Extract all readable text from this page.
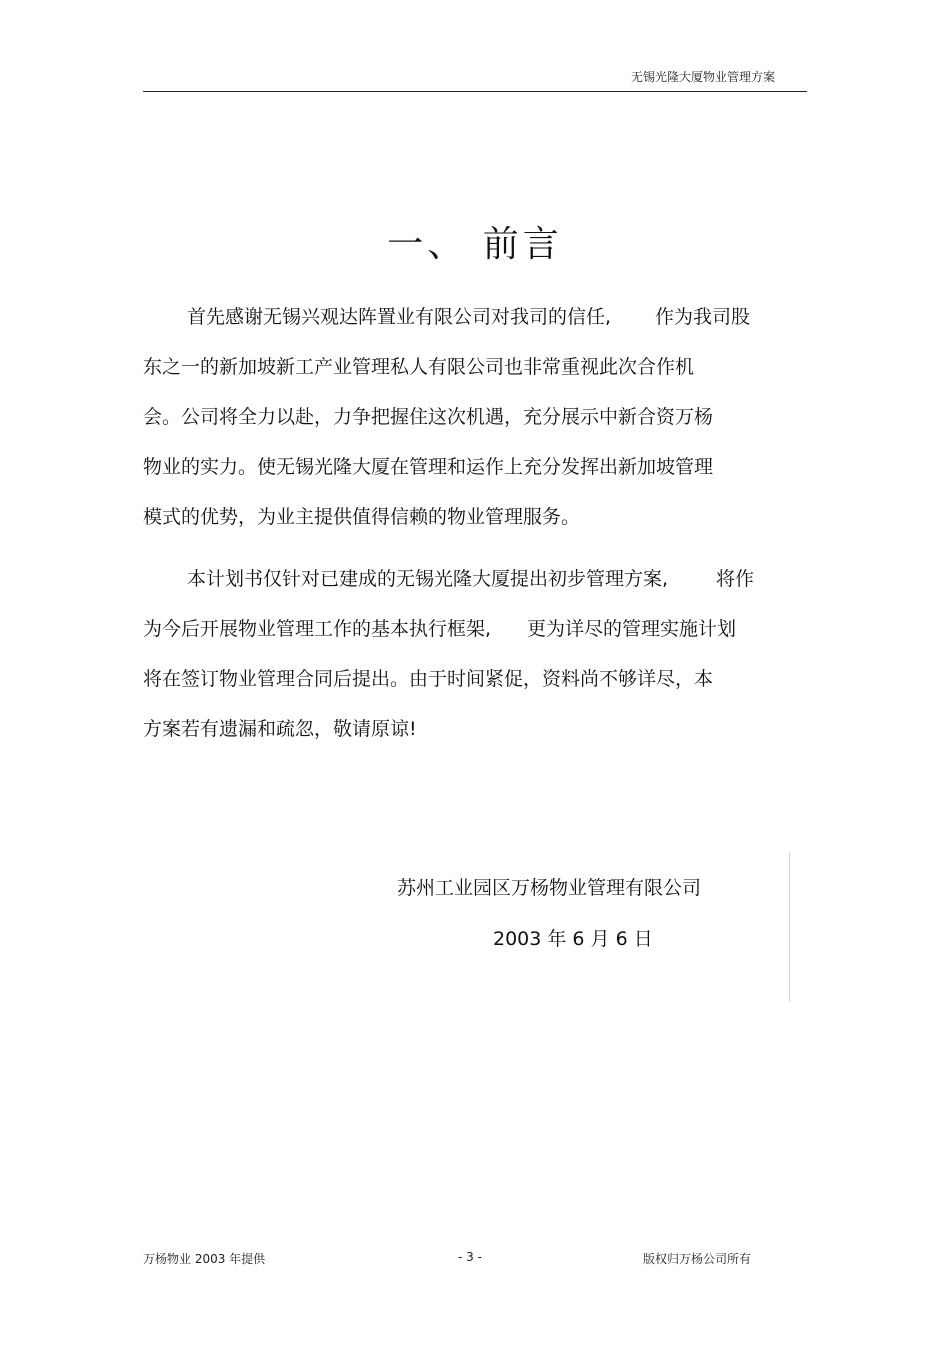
无锡光隆大厦物业管理方案
一、 前言
首先感谢无锡兴观达阵置业有限公司对我司的信任, 作为我司股
东之一的新加坡新工产业管理私人有限公司也非常重视此次合作机
会。公司将全力以赴，力争把握住这次机遇，充分展示中新合资万杨
物业的实力。使无锡光隆大厦在管理和运作上充分发挥出新加坡管理
模式的优势，为业主提供值得信赖的物业管理服务。
本计划书仅针对已建成的无锡光隆大厦提出初步管理方案,	将作
为今后开展物业管理工作的基本执行框架, 更为详尽的管理实施计划
将在签订物业管理合同后提出。由于时间紧促，资料尚不够详尽，本
方案若有遗漏和疏忽，敬请原谅!
苏州工业园区万杨物业管理有限公司
2003 年 6 月 6 日
万杨物业 2003 年提供	- 3 -	版权归万杨公司所有
